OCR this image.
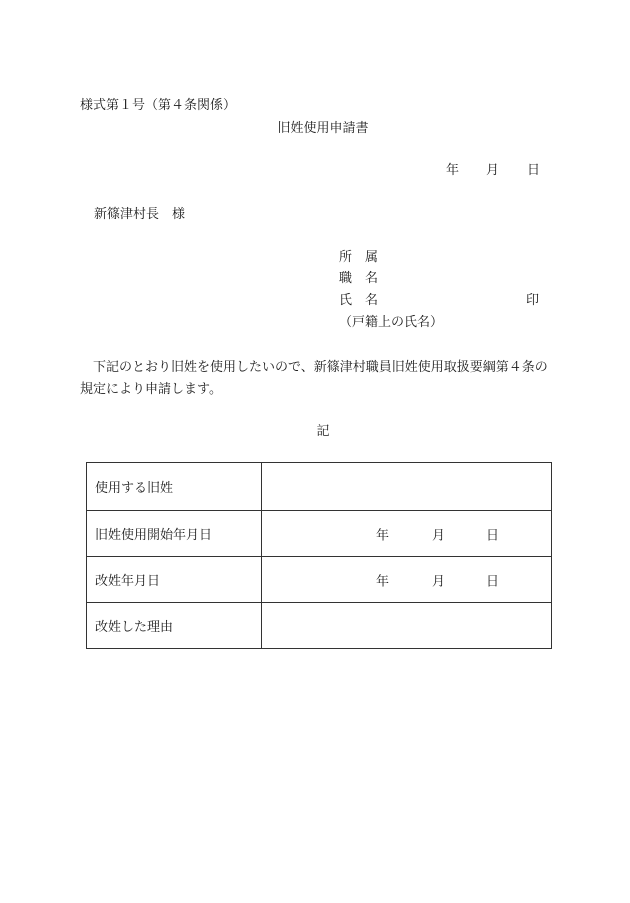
様式第１号（第４条関係）
旧姓使用申請書
年 月 日
新篠津村長　様
所　属
職　名
氏　名	印
（戸籍上の氏名）
下記のとおり旧姓を使用したいので、新篠津村職員旧姓使用取扱要綱第４条の規定により申請します。
記
使用する旧姓	
旧姓使用開始年月日	年 月 日

改姓年月日	年 月 日

改姓した理由	
